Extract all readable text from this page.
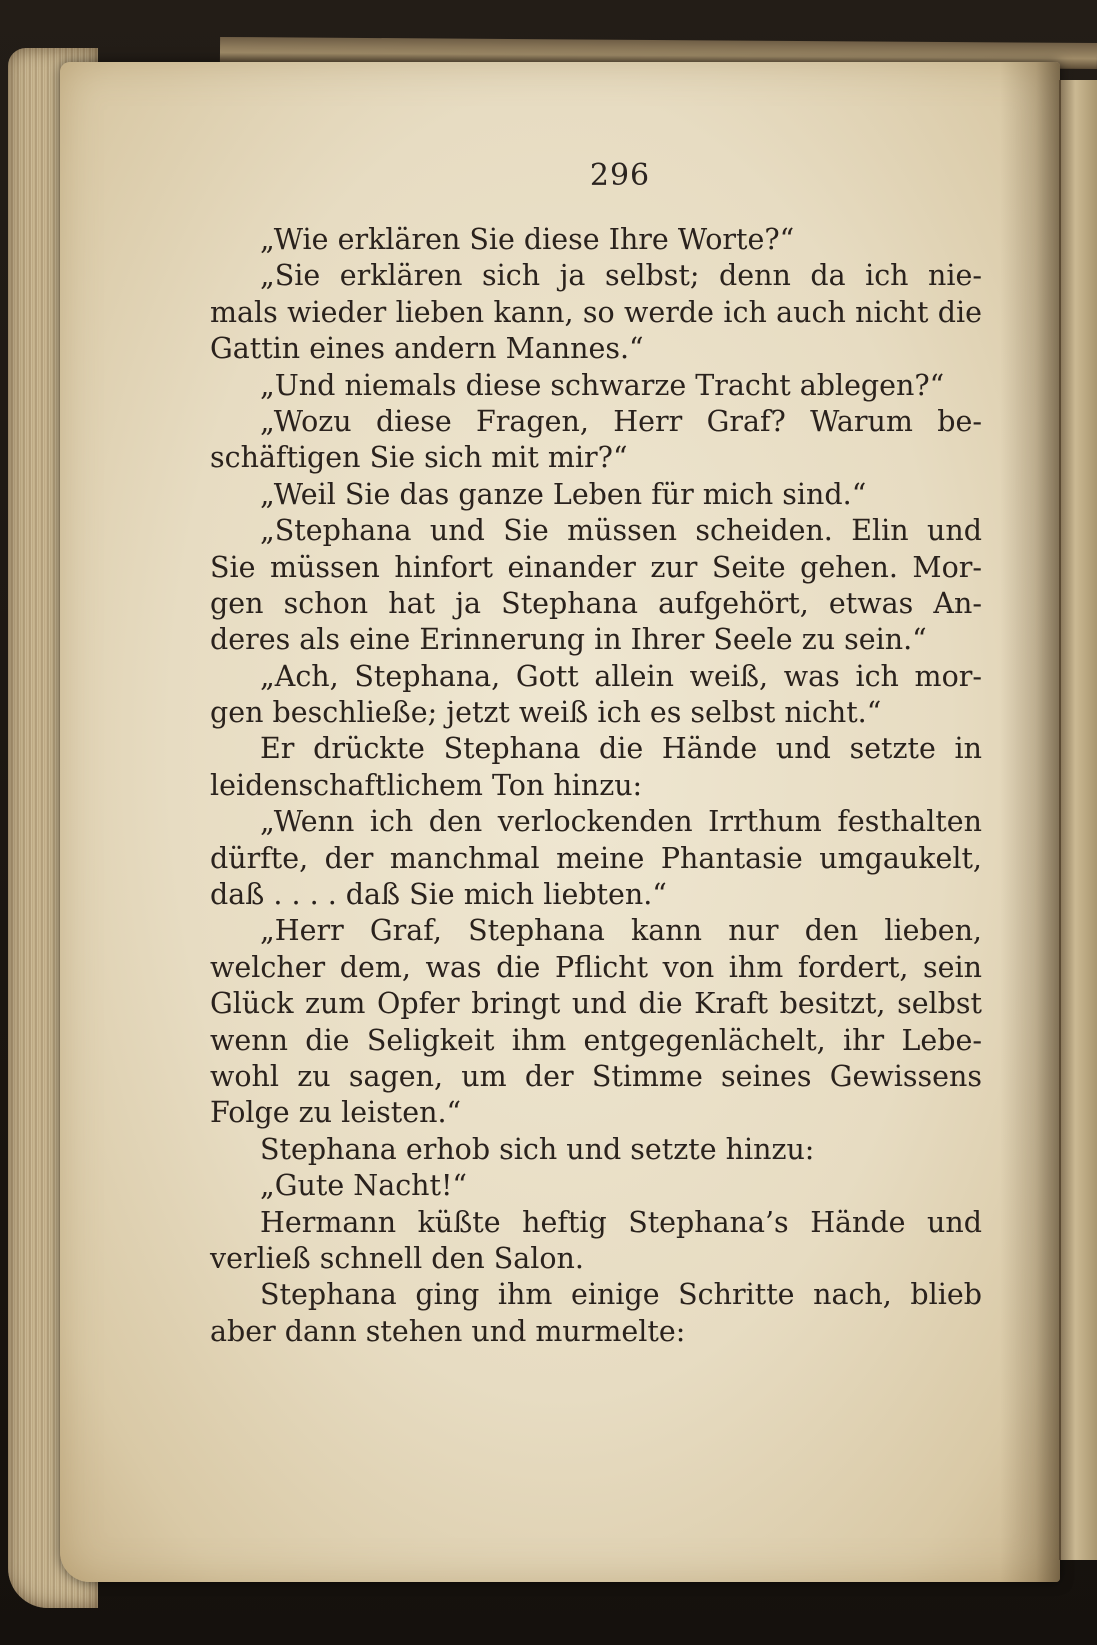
296
„Wie erklären Sie diese Ihre Worte?“
„Sie erklären sich ja selbst; denn da ich nie-
mals wieder lieben kann, so werde ich auch nicht die
Gattin eines andern Mannes.“
„Und niemals diese schwarze Tracht ablegen?“
„Wozu diese Fragen, Herr Graf? Warum be-
schäftigen Sie sich mit mir?“
„Weil Sie das ganze Leben für mich sind.“
„Stephana und Sie müssen scheiden. Elin und
Sie müssen hinfort einander zur Seite gehen. Mor-
gen schon hat ja Stephana aufgehört, etwas An-
deres als eine Erinnerung in Ihrer Seele zu sein.“
„Ach, Stephana, Gott allein weiß, was ich mor-
gen beschließe; jetzt weiß ich es selbst nicht.“
Er drückte Stephana die Hände und setzte in
leidenschaftlichem Ton hinzu:
„Wenn ich den verlockenden Irrthum festhalten
dürfte, der manchmal meine Phantasie umgaukelt,
daß . . . . daß Sie mich liebten.“
„Herr Graf, Stephana kann nur den lieben,
welcher dem, was die Pflicht von ihm fordert, sein
Glück zum Opfer bringt und die Kraft besitzt, selbst
wenn die Seligkeit ihm entgegenlächelt, ihr Lebe-
wohl zu sagen, um der Stimme seines Gewissens
Folge zu leisten.“
Stephana erhob sich und setzte hinzu:
„Gute Nacht!“
Hermann küßte heftig Stephana’s Hände und
verließ schnell den Salon.
Stephana ging ihm einige Schritte nach, blieb
aber dann stehen und murmelte:
